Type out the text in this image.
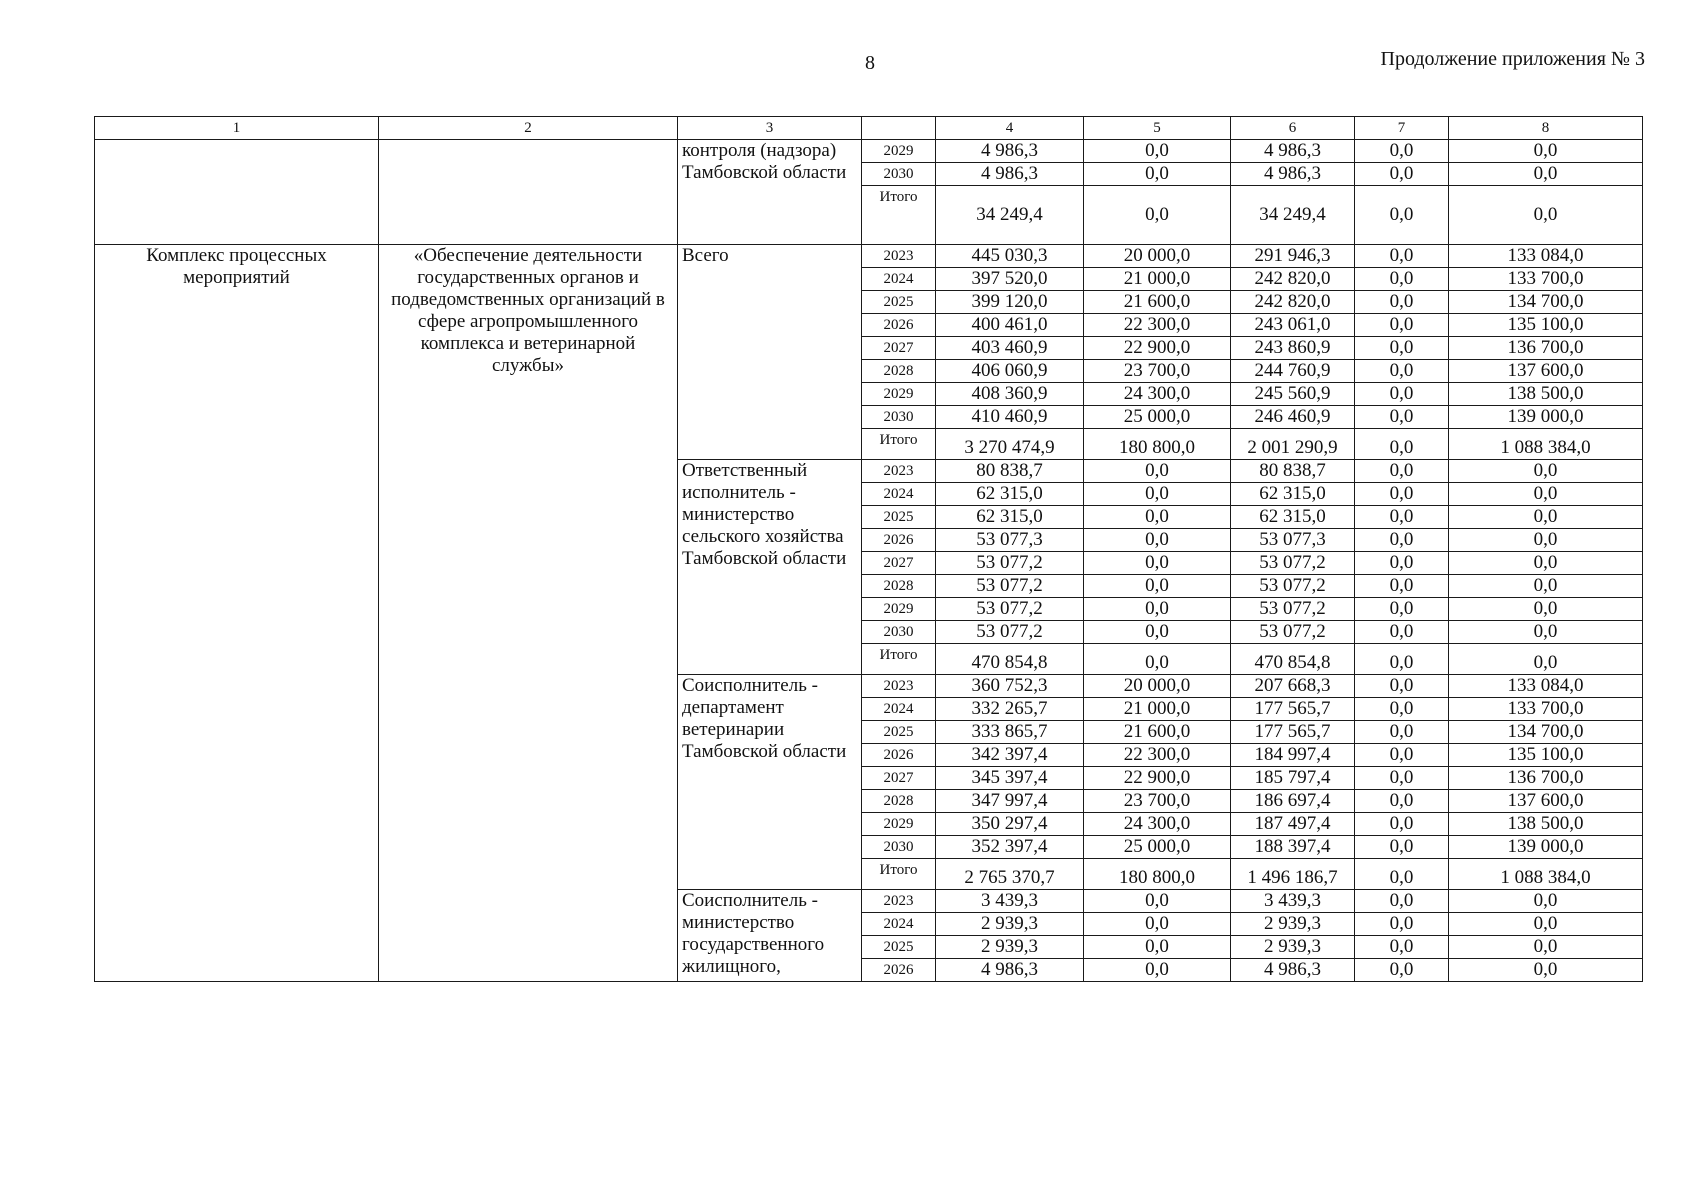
8	Продолжение приложения № 3
1	2	3		4	5	6	7	8
		контроля (надзора) Тамбовской области	2029	4 986,3	0,0	4 986,3	0,0	0,0
			2030	4 986,3	0,0	4 986,3	0,0	0,0

			Итого	34 249,4	0,0	34 249,4	0,0	0,0
Комплекс процессных мероприятий	«Обеспечение деятельности государственных органов и подведомственных организаций в сфере агропромышленного комплекса и ветеринарной службы»	Всего	2023	445 030,3	20 000,0	291 946,3	0,0	133 084,0
			2024	397 520,0	21 000,0	242 820,0	0,0	133 700,0
			2025	399 120,0	21 600,0	242 820,0	0,0	134 700,0
			2026	400 461,0	22 300,0	243 061,0	0,0	135 100,0
			2027	403 460,9	22 900,0	243 860,9	0,0	136 700,0
			2028	406 060,9	23 700,0	244 760,9	0,0	137 600,0
			2029	408 360,9	24 300,0	245 560,9	0,0	138 500,0
			2030	410 460,9	25 000,0	246 460,9	0,0	139 000,0

			Итого	3 270 474,9	180 800,0	2 001 290,9	0,0	1 088 384,0
		Ответственный исполнитель - министерство сельского хозяйства Тамбовской области	2023	80 838,7	0,0	80 838,7	0,0	0,0
			2024	62 315,0	0,0	62 315,0	0,0	0,0
			2025	62 315,0	0,0	62 315,0	0,0	0,0
			2026	53 077,3	0,0	53 077,3	0,0	0,0
			2027	53 077,2	0,0	53 077,2	0,0	0,0
			2028	53 077,2	0,0	53 077,2	0,0	0,0
			2029	53 077,2	0,0	53 077,2	0,0	0,0
			2030	53 077,2	0,0	53 077,2	0,0	0,0

			Итого	470 854,8	0,0	470 854,8	0,0	0,0
		Соисполнитель - департамент ветеринарии Тамбовской области	2023	360 752,3	20 000,0	207 668,3	0,0	133 084,0
			2024	332 265,7	21 000,0	177 565,7	0,0	133 700,0
			2025	333 865,7	21 600,0	177 565,7	0,0	134 700,0
			2026	342 397,4	22 300,0	184 997,4	0,0	135 100,0
			2027	345 397,4	22 900,0	185 797,4	0,0	136 700,0
			2028	347 997,4	23 700,0	186 697,4	0,0	137 600,0
			2029	350 297,4	24 300,0	187 497,4	0,0	138 500,0
			2030	352 397,4	25 000,0	188 397,4	0,0	139 000,0

			Итого	2 765 370,7	180 800,0	1 496 186,7	0,0	1 088 384,0
		Соисполнитель - министерство государственного жилищного,	2023	3 439,3	0,0	3 439,3	0,0	0,0
			2024	2 939,3	0,0	2 939,3	0,0	0,0
			2025	2 939,3	0,0	2 939,3	0,0	0,0
			2026	4 986,3	0,0	4 986,3	0,0	0,0
